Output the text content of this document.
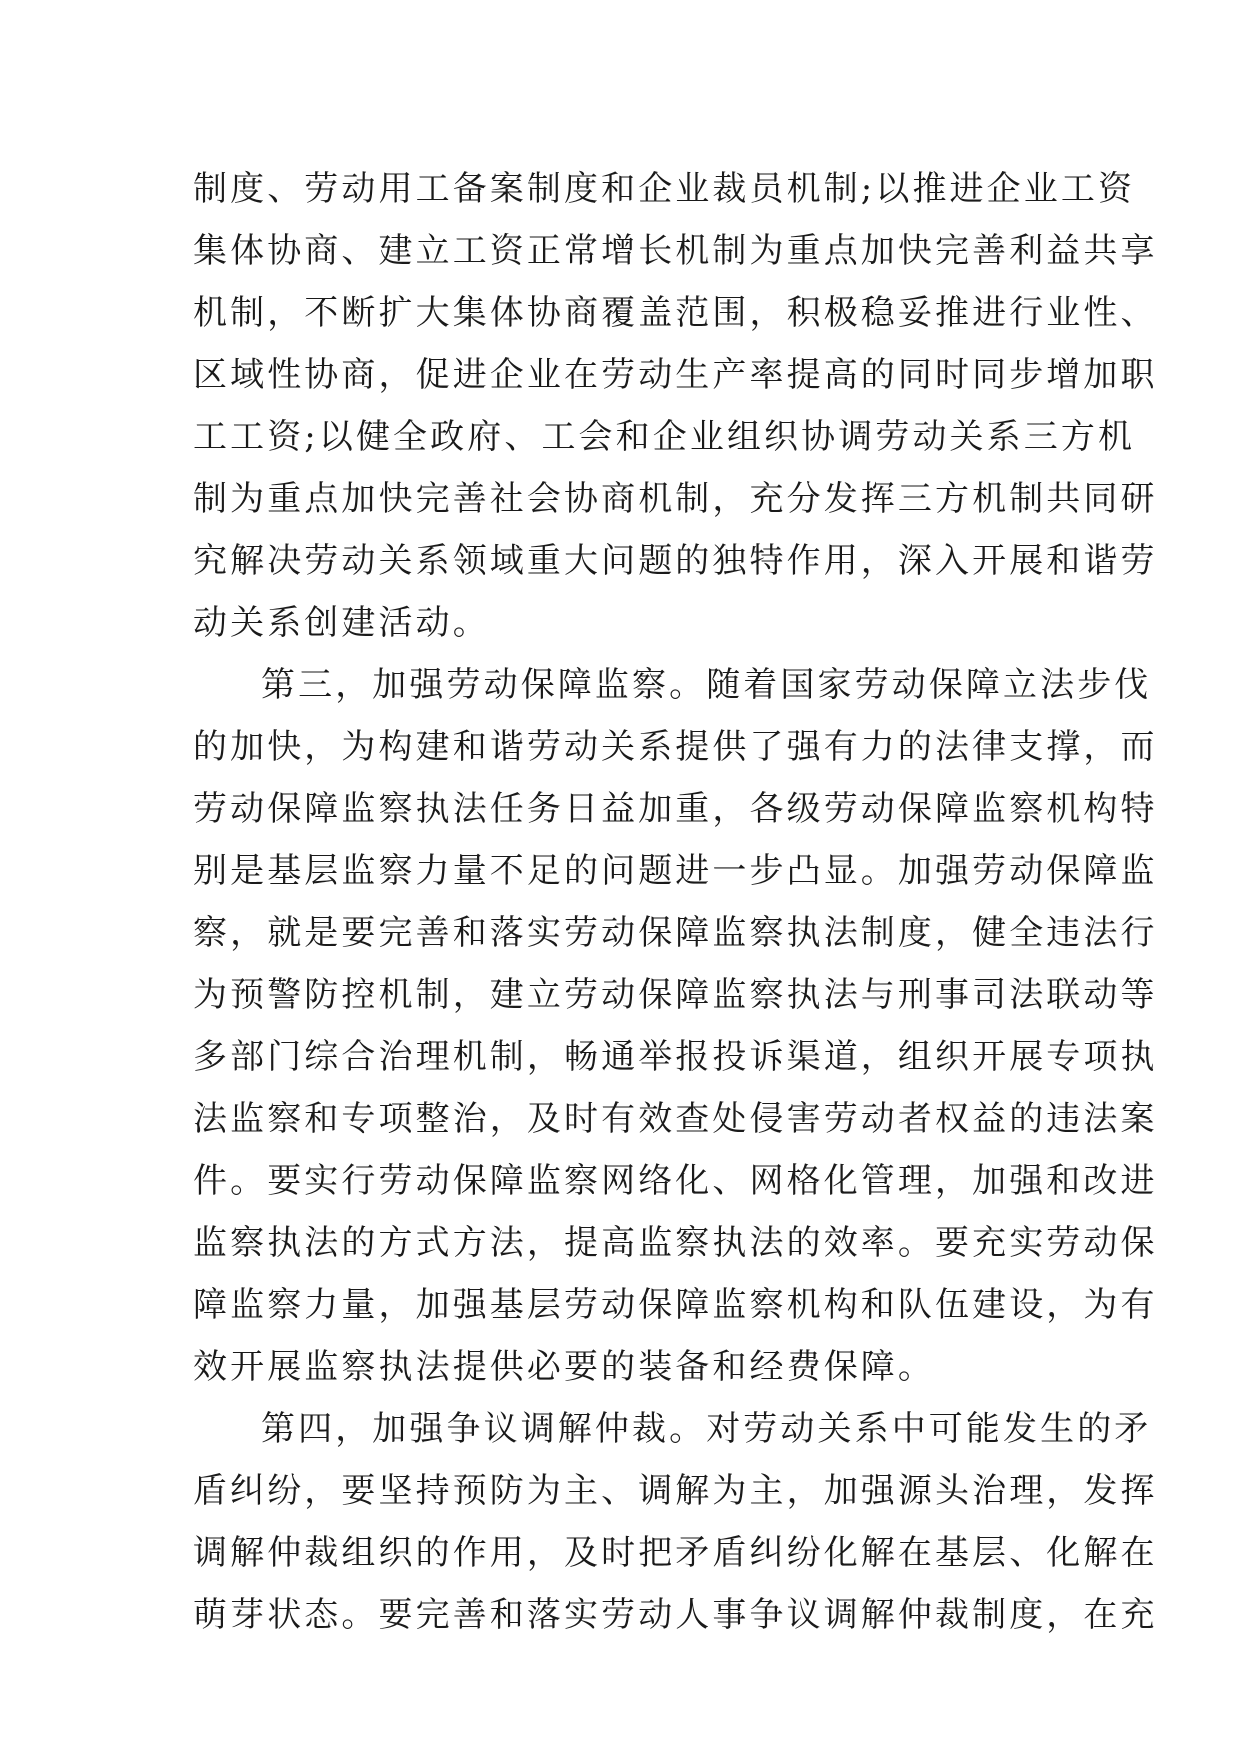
制度、劳动用工备案制度和企业裁员机制;以推进企业工资
集体协商、建立工资正常增长机制为重点加快完善利益共享
机制，不断扩大集体协商覆盖范围，积极稳妥推进行业性、
区域性协商，促进企业在劳动生产率提高的同时同步增加职
工工资;以健全政府、工会和企业组织协调劳动关系三方机
制为重点加快完善社会协商机制，充分发挥三方机制共同研
究解决劳动关系领域重大问题的独特作用，深入开展和谐劳
动关系创建活动。
第三，加强劳动保障监察。随着国家劳动保障立法步伐
的加快，为构建和谐劳动关系提供了强有力的法律支撑，而
劳动保障监察执法任务日益加重，各级劳动保障监察机构特
别是基层监察力量不足的问题进一步凸显。加强劳动保障监
察，就是要完善和落实劳动保障监察执法制度，健全违法行
为预警防控机制，建立劳动保障监察执法与刑事司法联动等
多部门综合治理机制，畅通举报投诉渠道，组织开展专项执
法监察和专项整治，及时有效查处侵害劳动者权益的违法案
件。要实行劳动保障监察网络化、网格化管理，加强和改进
监察执法的方式方法，提高监察执法的效率。要充实劳动保
障监察力量，加强基层劳动保障监察机构和队伍建设，为有
效开展监察执法提供必要的装备和经费保障。
第四，加强争议调解仲裁。对劳动关系中可能发生的矛
盾纠纷，要坚持预防为主、调解为主，加强源头治理，发挥
调解仲裁组织的作用，及时把矛盾纠纷化解在基层、化解在
萌芽状态。要完善和落实劳动人事争议调解仲裁制度，在充
